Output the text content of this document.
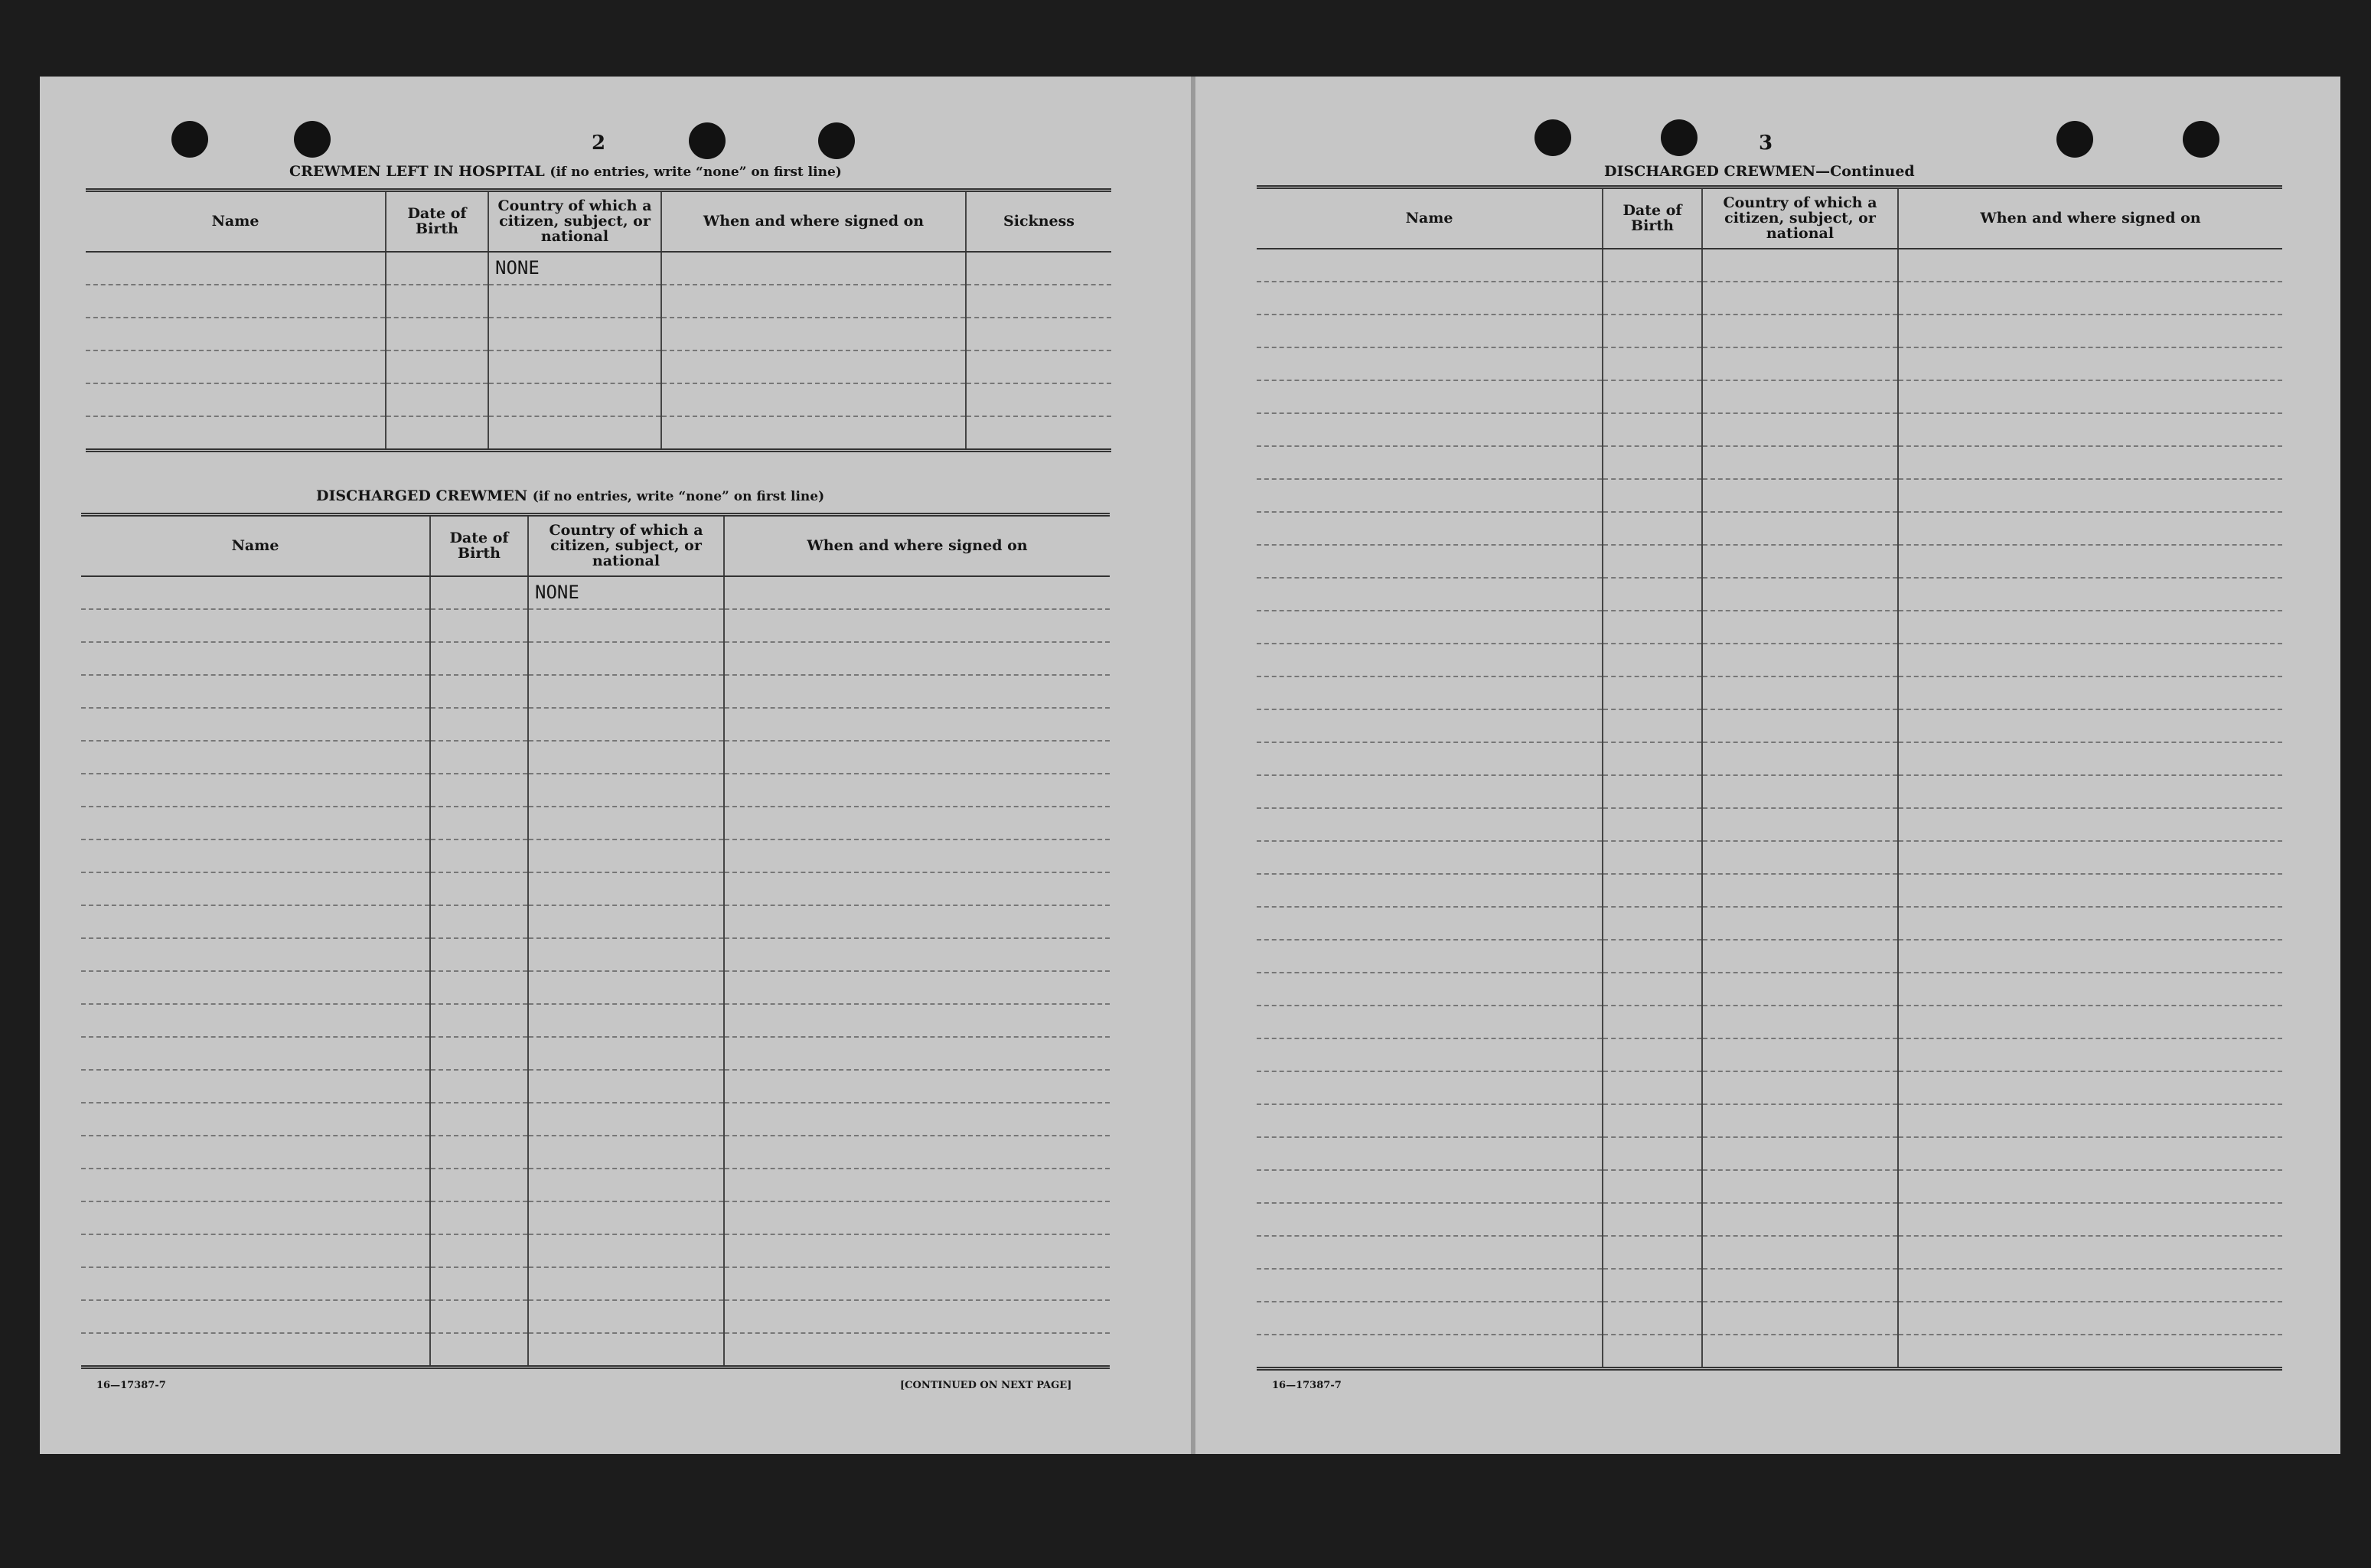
2
CREWMEN LEFT IN HOSPITAL (if no entries, write “none” on first line)
Name	Date of Birth	Country of which a citizen, subject, or national	When and where signed on	Sickness
		NONE		

DISCHARGED CREWMEN (if no entries, write “none” on first line)
Name	Date of Birth	Country of which a citizen, subject, or national	When and where signed on
		NONE	

16—17387-7	[CONTINUED ON NEXT PAGE]
3
DISCHARGED CREWMEN—Continued
Name	Date of Birth	Country of which a citizen, subject, or national	When and where signed on

16—17387-7
